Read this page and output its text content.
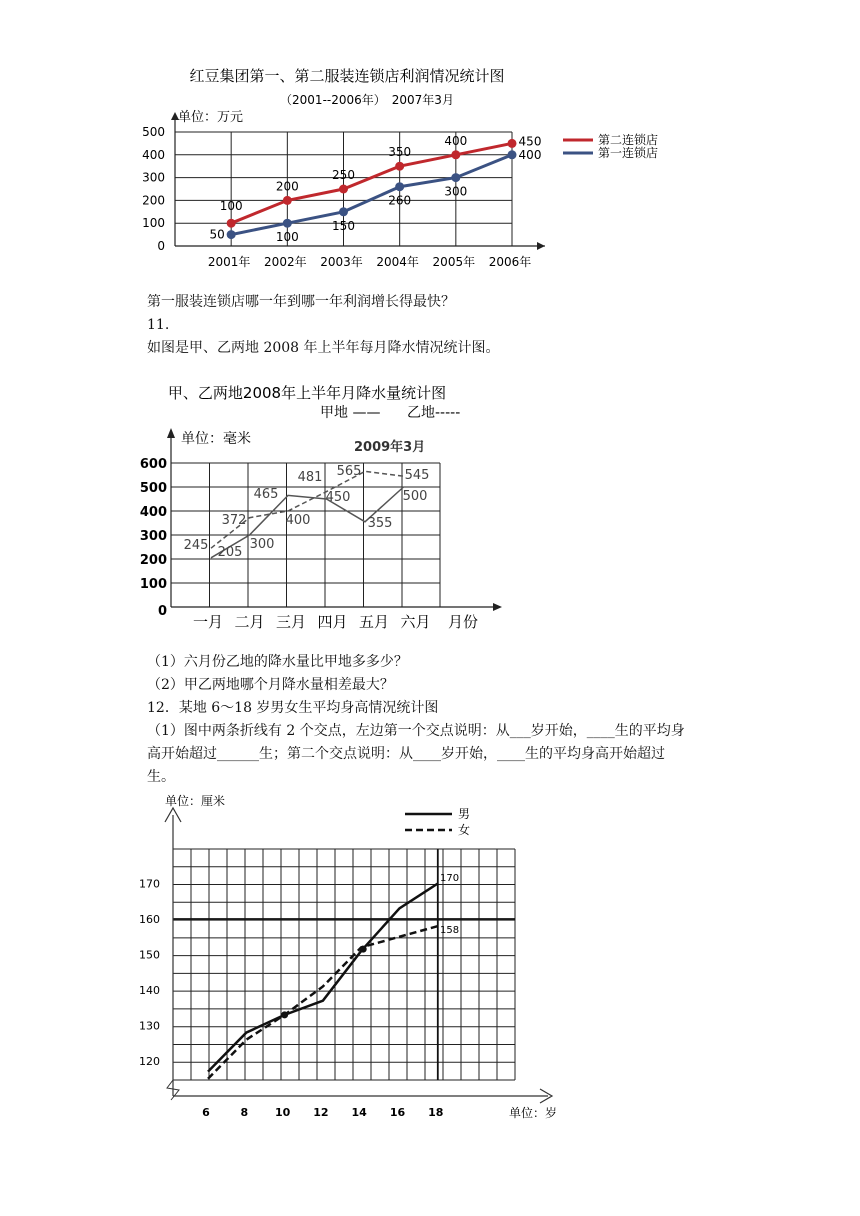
红豆集团第一、第二服装连锁店利润情况统计图
（2001--2006年）　2007年3月
单位：万元
0
100
200
300
400
500
2001年 2002年 2003年 2004年 2005年 2006年
100
200
250
350
400	450
50	100
150
260
300
400
第二连锁店
第一连锁店
第一服装连锁店哪一年到哪一年利润增长得最快？
11.
如图是甲、乙两地 2008 年上半年每月降水情况统计图。
甲、乙两地2008年上半年月降水量统计图
甲地 —— 乙地-----
单位：毫米
2009年3月
0
100
200
300
400
500
600
一月 二月 三月 四月 五月 六月 月份
205
300
465	450
355
500
245
372	400
481 565	545
（1）六月份乙地的降水量比甲地多多少？
（2）甲乙两地哪个月降水量相差最大？
12．某地 6～18 岁男女生平均身高情况统计图
（1）图中两条折线有 2 个交点，左边第一个交点说明：从___岁开始，____生的平均身
高开始超过______生；第二个交点说明：从____岁开始，____生的平均身高开始超过
生。
单位：厘米
单位：岁
120
130
140
150
160
170
6	8 10 12 14 16 18
170
158
男
女
